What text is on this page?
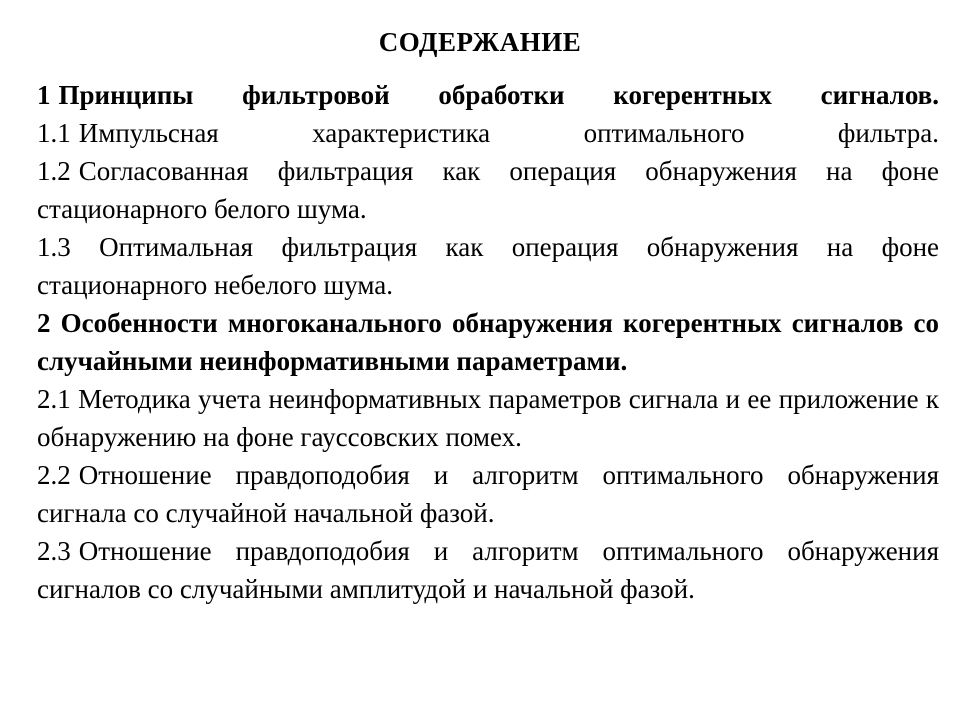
СОДЕРЖАНИЕ

1 Принципы фильтровой обработки когерентных сигналов.

1.1 Импульсная характеристика оптимального фильтра.

1.2 Согласованная фильтрация как операция обнаружения на фоне стационарного белого шума.

1.3 Оптимальная фильтрация как операция обнаружения на фоне стационарного небелого шума.

2 Особенности многоканального обнаружения когерентных сигналов со случайными неинформативными параметрами.

2.1 Методика учета неинформативных параметров сигнала и ее приложение к обнаружению на фоне гауссовских помех.

2.2 Отношение правдоподобия и алгоритм оптимального обнаружения сигнала со случайной начальной фазой.

2.3 Отношение правдоподобия и алгоритм оптимального обнаружения сигналов со случайными амплитудой и начальной фазой.
